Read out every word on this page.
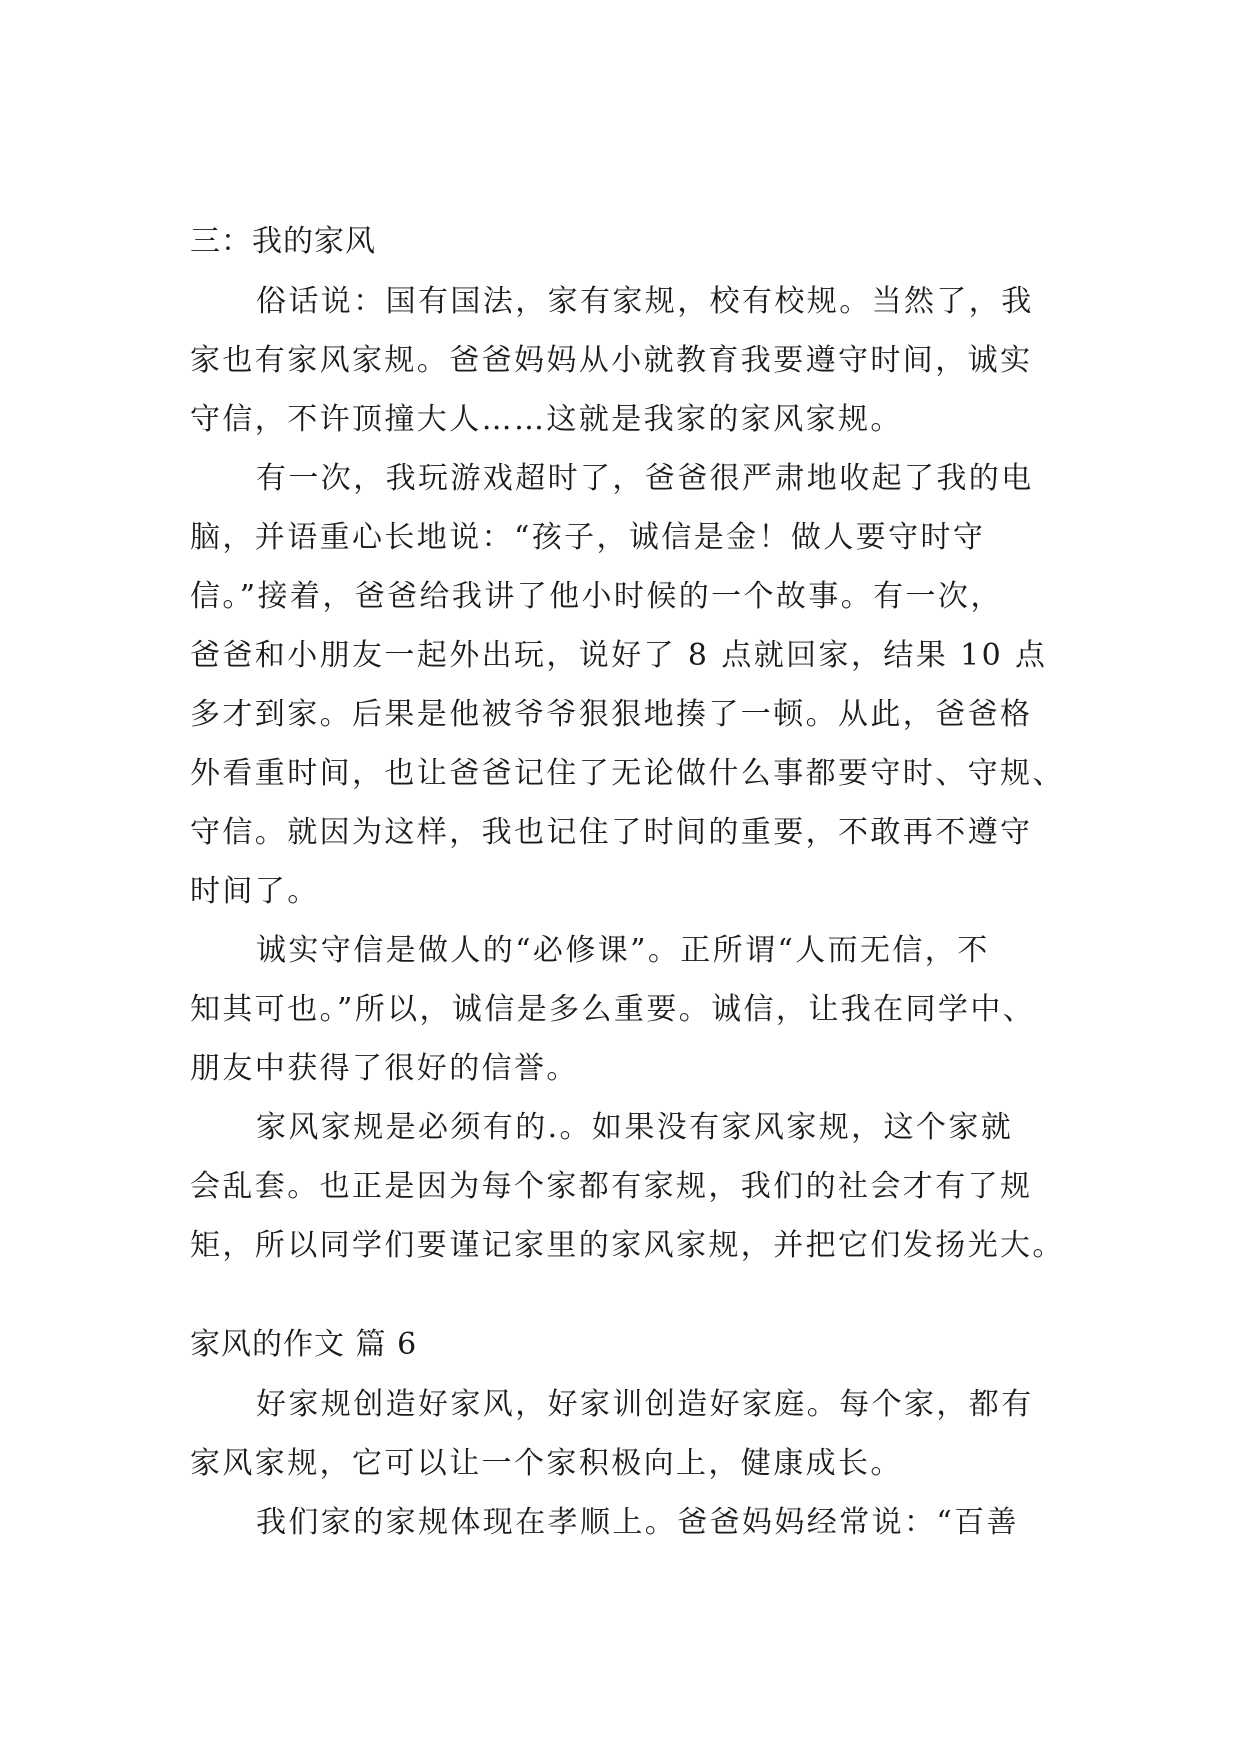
三：我的家风
俗话说：国有国法，家有家规，校有校规。当然了，我
家也有家风家规。爸爸妈妈从小就教育我要遵守时间，诚实
守信，不许顶撞大人……这就是我家的家风家规。
有一次，我玩游戏超时了，爸爸很严肃地收起了我的电
脑，并语重心长地说：“孩子，诚信是金！做人要守时守
信。”接着，爸爸给我讲了他小时候的一个故事。有一次，
爸爸和小朋友一起外出玩，说好了 8 点就回家，结果 10 点
多才到家。后果是他被爷爷狠狠地揍了一顿。从此，爸爸格
外看重时间，也让爸爸记住了无论做什么事都要守时、守规、
守信。就因为这样，我也记住了时间的重要，不敢再不遵守
时间了。
诚实守信是做人的“必修课”。正所谓“人而无信，不
知其可也。”所以，诚信是多么重要。诚信，让我在同学中、
朋友中获得了很好的信誉。
家风家规是必须有的.。如果没有家风家规，这个家就
会乱套。也正是因为每个家都有家规，我们的社会才有了规
矩，所以同学们要谨记家里的家风家规，并把它们发扬光大。
家风的作文 篇 6
好家规创造好家风，好家训创造好家庭。每个家，都有
家风家规，它可以让一个家积极向上，健康成长。
我们家的家规体现在孝顺上。爸爸妈妈经常说：“百善
